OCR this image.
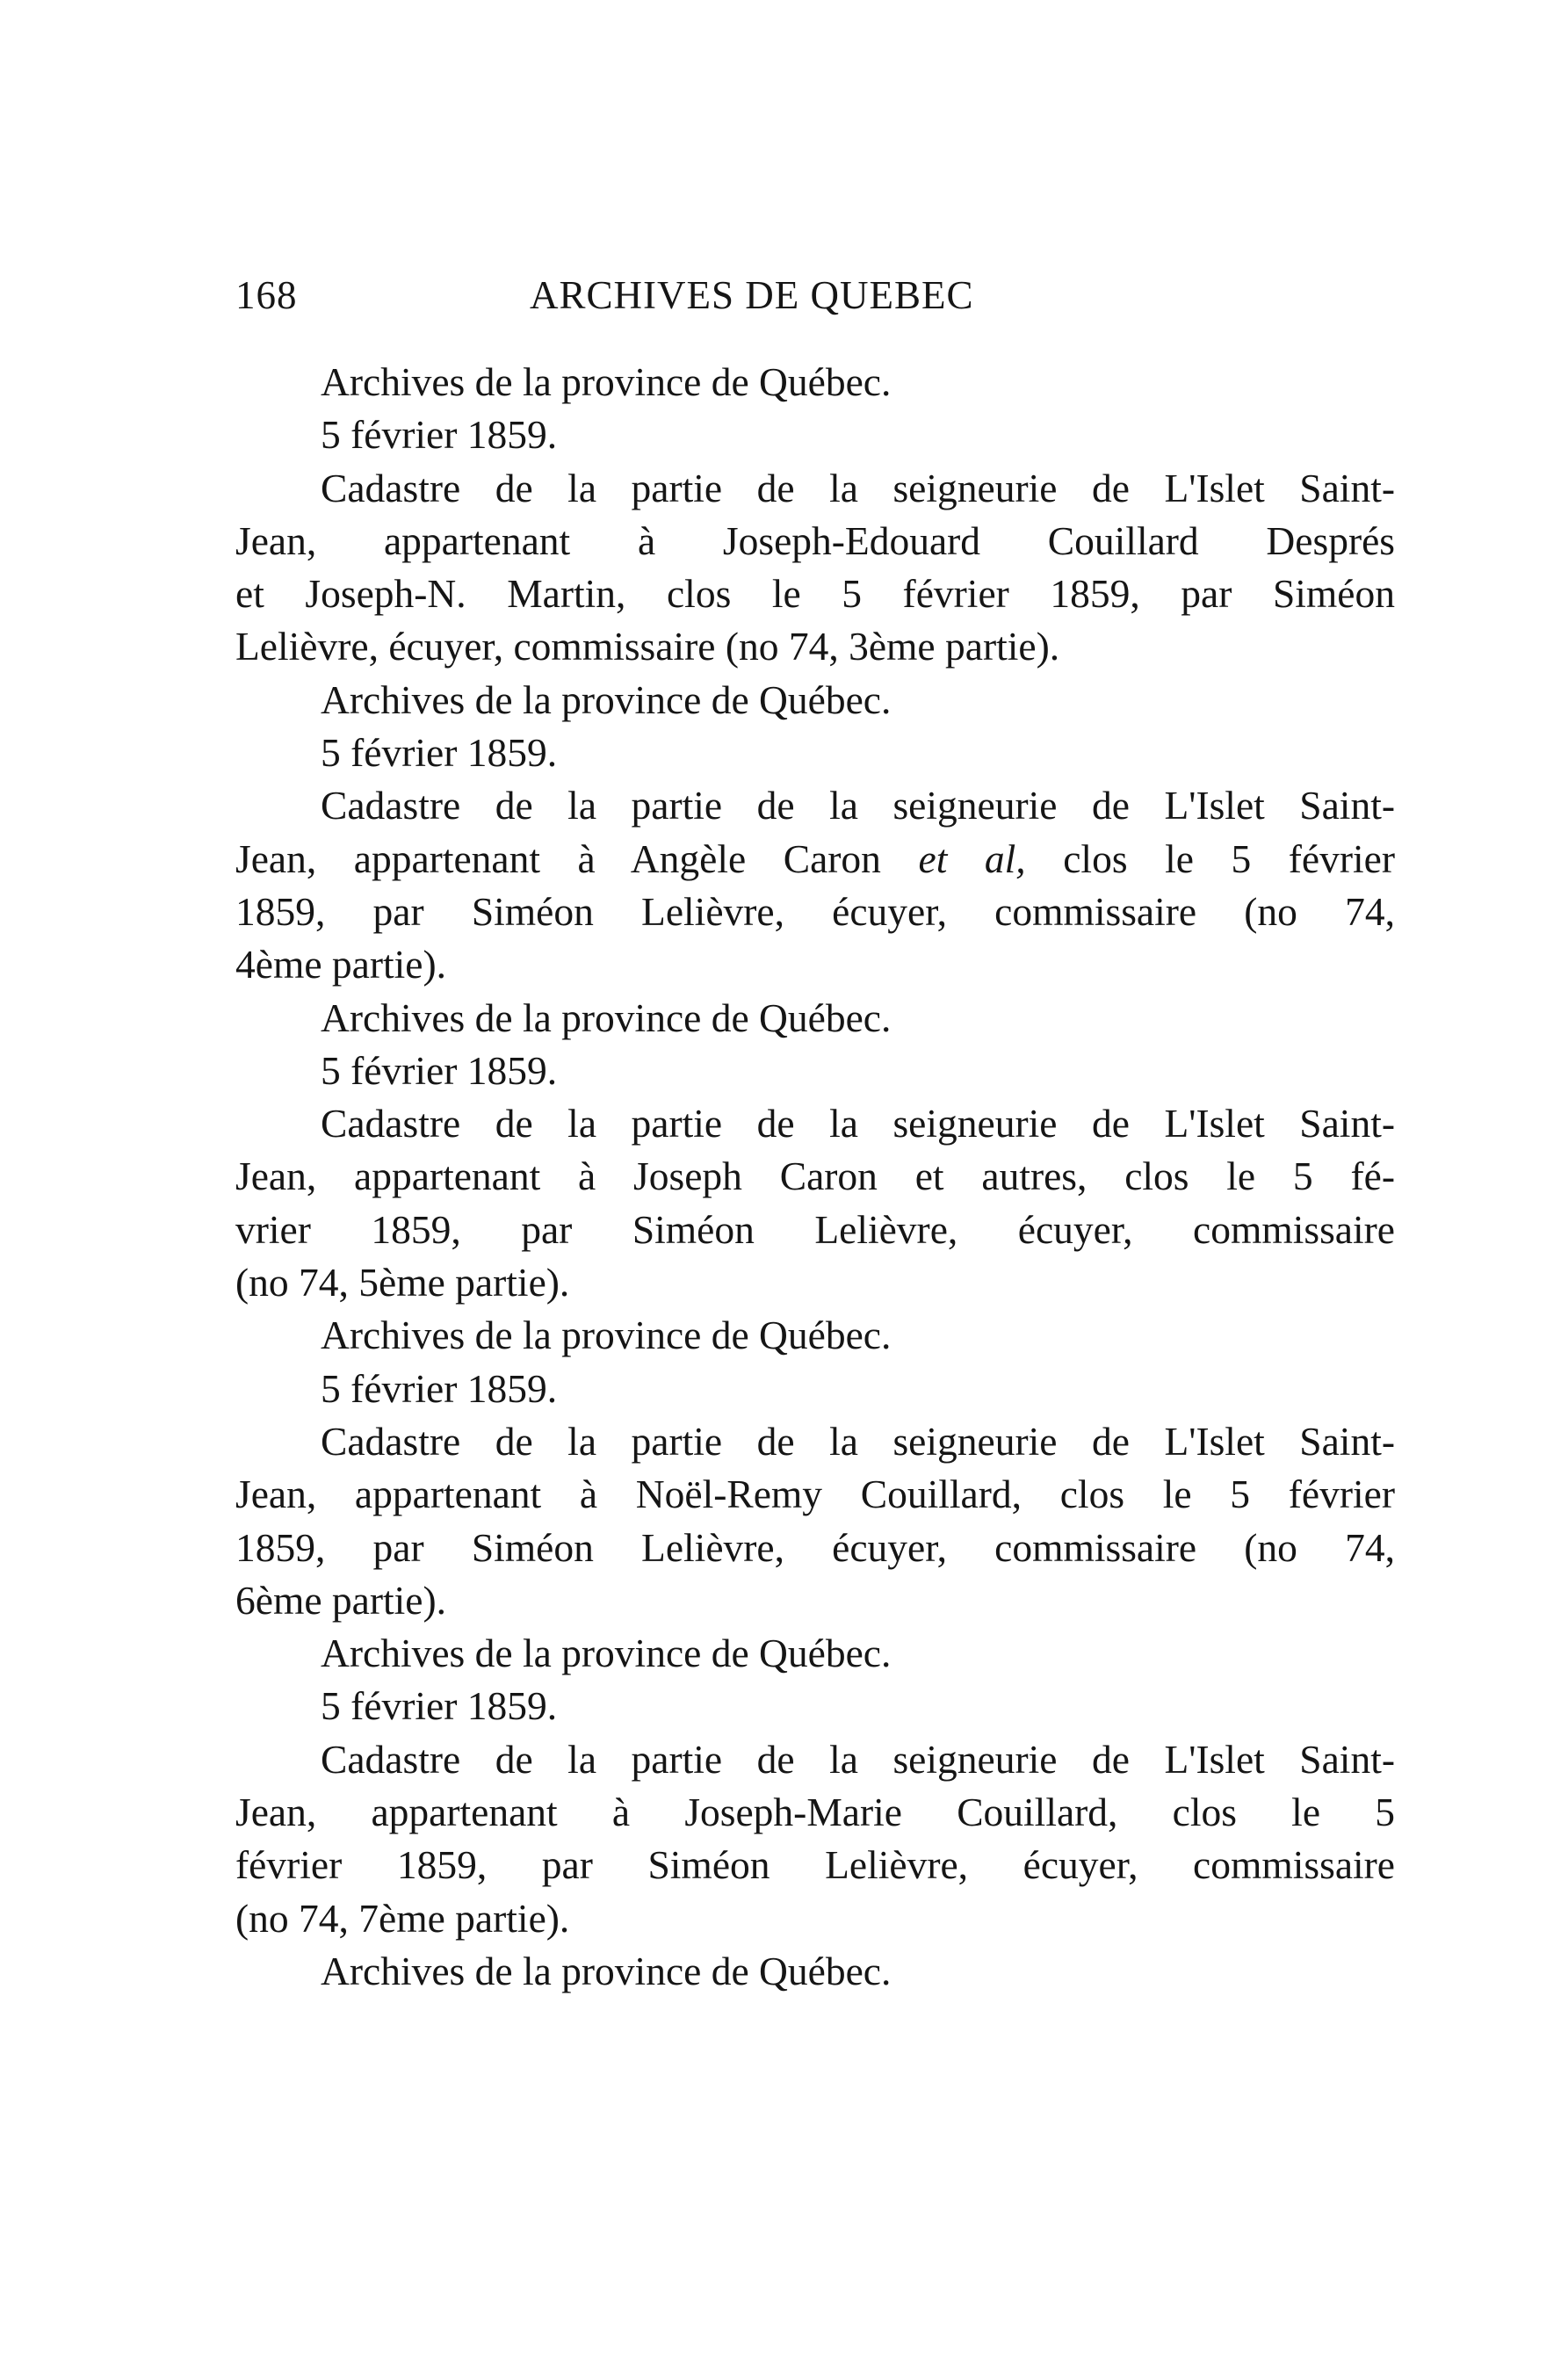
168	ARCHIVES DE QUEBEC
Archives de la province de Québec.
5 février 1859.
Cadastre de la partie de la seigneurie de L'Islet Saint-
Jean, appartenant à Joseph-Edouard Couillard Després
et Joseph-N. Martin, clos le 5 février 1859, par Siméon
Lelièvre, écuyer, commissaire (no 74, 3ème partie).
Archives de la province de Québec.
5 février 1859.
Cadastre de la partie de la seigneurie de L'Islet Saint-
Jean, appartenant à Angèle Caron et al, clos le 5 février
1859, par Siméon Lelièvre, écuyer, commissaire (no 74,
4ème partie).
Archives de la province de Québec.
5 février 1859.
Cadastre de la partie de la seigneurie de L'Islet Saint-
Jean, appartenant à Joseph Caron et autres, clos le 5 fé-
vrier 1859, par Siméon Lelièvre, écuyer, commissaire
(no 74, 5ème partie).
Archives de la province de Québec.
5 février 1859.
Cadastre de la partie de la seigneurie de L'Islet Saint-
Jean, appartenant à Noël-Remy Couillard, clos le 5 février
1859, par Siméon Lelièvre, écuyer, commissaire (no 74,
6ème partie).
Archives de la province de Québec.
5 février 1859.
Cadastre de la partie de la seigneurie de L'Islet Saint-
Jean, appartenant à Joseph-Marie Couillard, clos le 5
février 1859, par Siméon Lelièvre, écuyer, commissaire
(no 74, 7ème partie).
Archives de la province de Québec.
